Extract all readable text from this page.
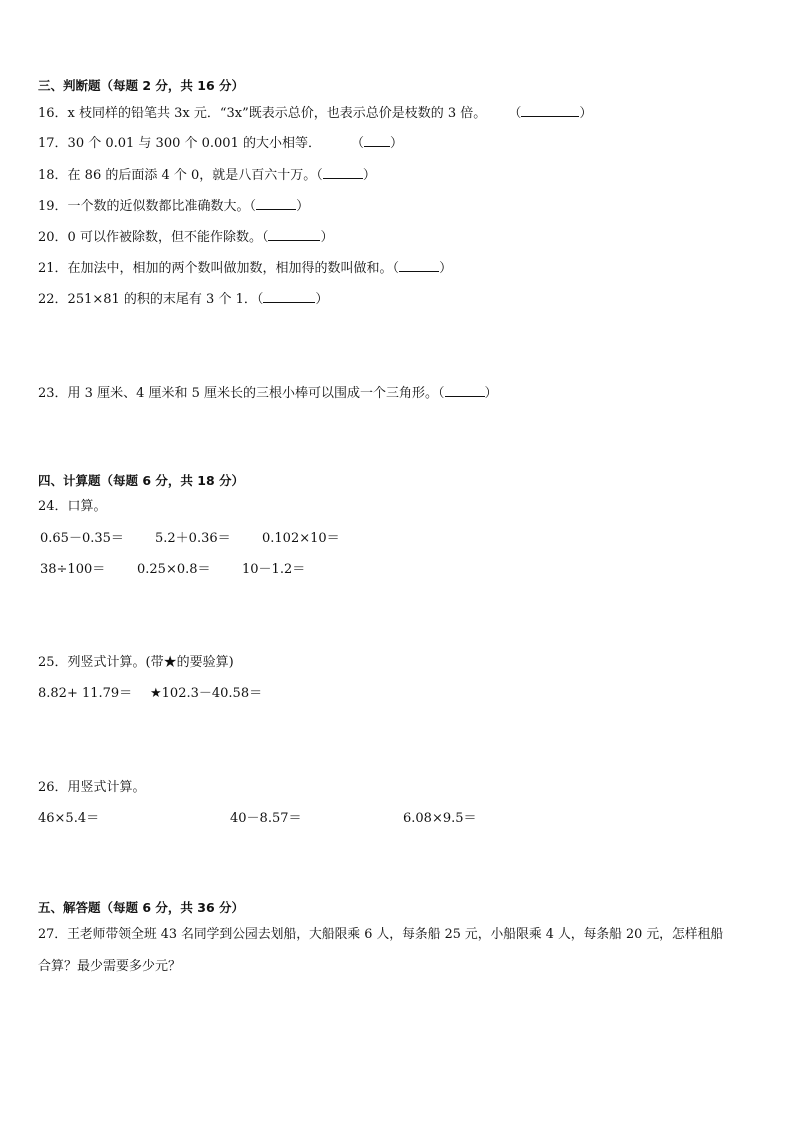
三、判断题（每题 2 分，共 16 分）
16．x 枝同样的铅笔共 3x 元．“3x”既表示总价，也表示总价是枝数的 3 倍。 （	）
17．30 个 0.01 与 300 个 0.001 的大小相等． （ ）
18．在 86 的后面添 4 个 0，就是八百六十万。（	）
19．一个数的近似数都比准确数大。（	）
20．0 可以作被除数，但不能作除数。（	）
21．在加法中，相加的两个数叫做加数，相加得的数叫做和。（	）
22．251×81 的积的末尾有 3 个 1．（	）
23．用 3 厘米、4 厘米和 5 厘米长的三根小棒可以围成一个三角形。（	）
四、计算题（每题 6 分，共 18 分）
24．口算。
0.65－0.35＝ 5.2＋0.36＝ 0.102×10＝
38÷100＝ 0.25×0.8＝ 10－1.2＝
25．列竖式计算。(带★的要验算)
8.82+ 11.79＝ ★102.3－40.58＝
26．用竖式计算。
46×5.4＝	40－8.57＝	6.08×9.5＝
五、解答题（每题 6 分，共 36 分）
27．王老师带领全班 43 名同学到公园去划船，大船限乘 6 人，每条船 25 元，小船限乘 4 人，每条船 20 元，怎样租船
合算？最少需要多少元？
